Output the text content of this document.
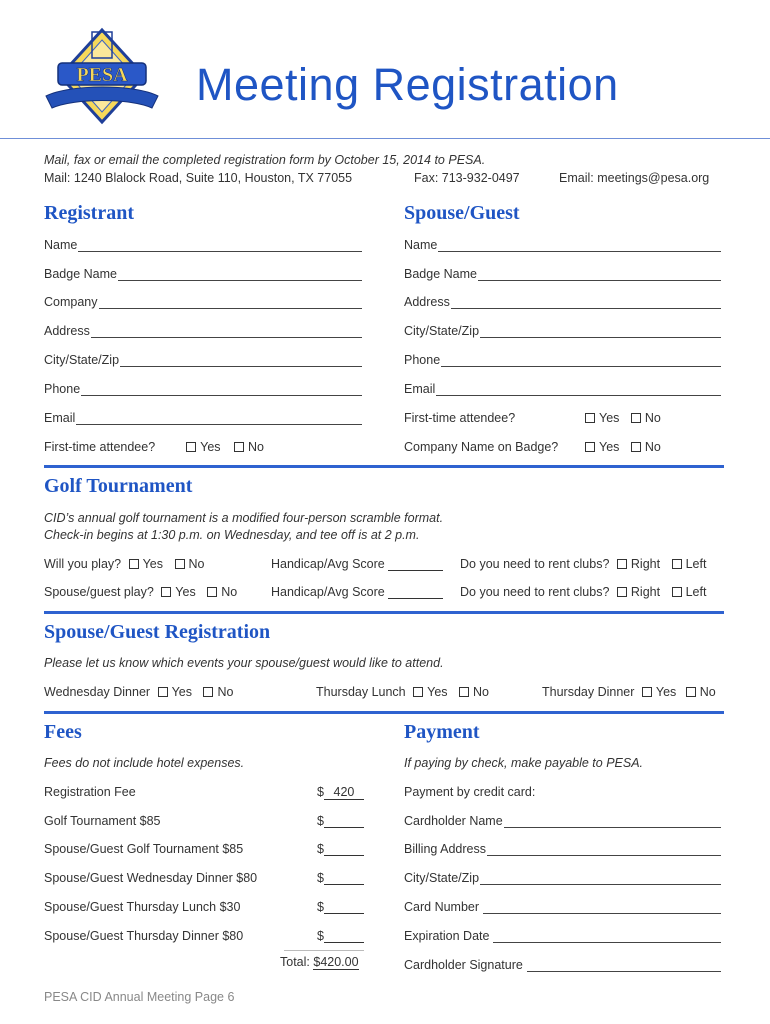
PESA Meeting Registration
Mail, fax or email the completed registration form by October 15, 2014 to PESA.
Mail: 1240 Blalock Road, Suite 110, Houston, TX 77055	Fax: 713-932-0497	Email: meetings@pesa.org
Registrant
Name
Badge Name
Company
Address
City/State/Zip
Phone
Email
First-time attendee?	Yes No
Spouse/Guest
Name
Badge Name
Address
City/State/Zip
Phone
Email
First-time attendee?	Yes No
Company Name on Badge?	Yes No
Golf Tournament
CID’s annual golf tournament is a modified four-person scramble format.
Check-in begins at 1:30 p.m. on Wednesday, and tee off is at 2 p.m.
Will you play? Yes No	Handicap/Avg Score	Do you need to rent clubs? Right Left
Spouse/guest play? Yes No	Handicap/Avg Score	Do you need to rent clubs? Right Left
Spouse/Guest Registration
Please let us know which events your spouse/guest would like to attend.
Wednesday Dinner Yes No	Thursday Lunch Yes No	Thursday Dinner Yes No
Fees
Fees do not include hotel expenses.
Registration Fee	$ 420
Golf Tournament $85	$
Spouse/Guest Golf Tournament $85	$
Spouse/Guest Wednesday Dinner $80	$
Spouse/Guest Thursday Lunch $30	$
Spouse/Guest Thursday Dinner $80	$
Total: $420.00
Payment
If paying by check, make payable to PESA.
Payment by credit card:
Cardholder Name
Billing Address
City/State/Zip
Card Number
Expiration Date
Cardholder Signature
PESA CID Annual Meeting Page 6
